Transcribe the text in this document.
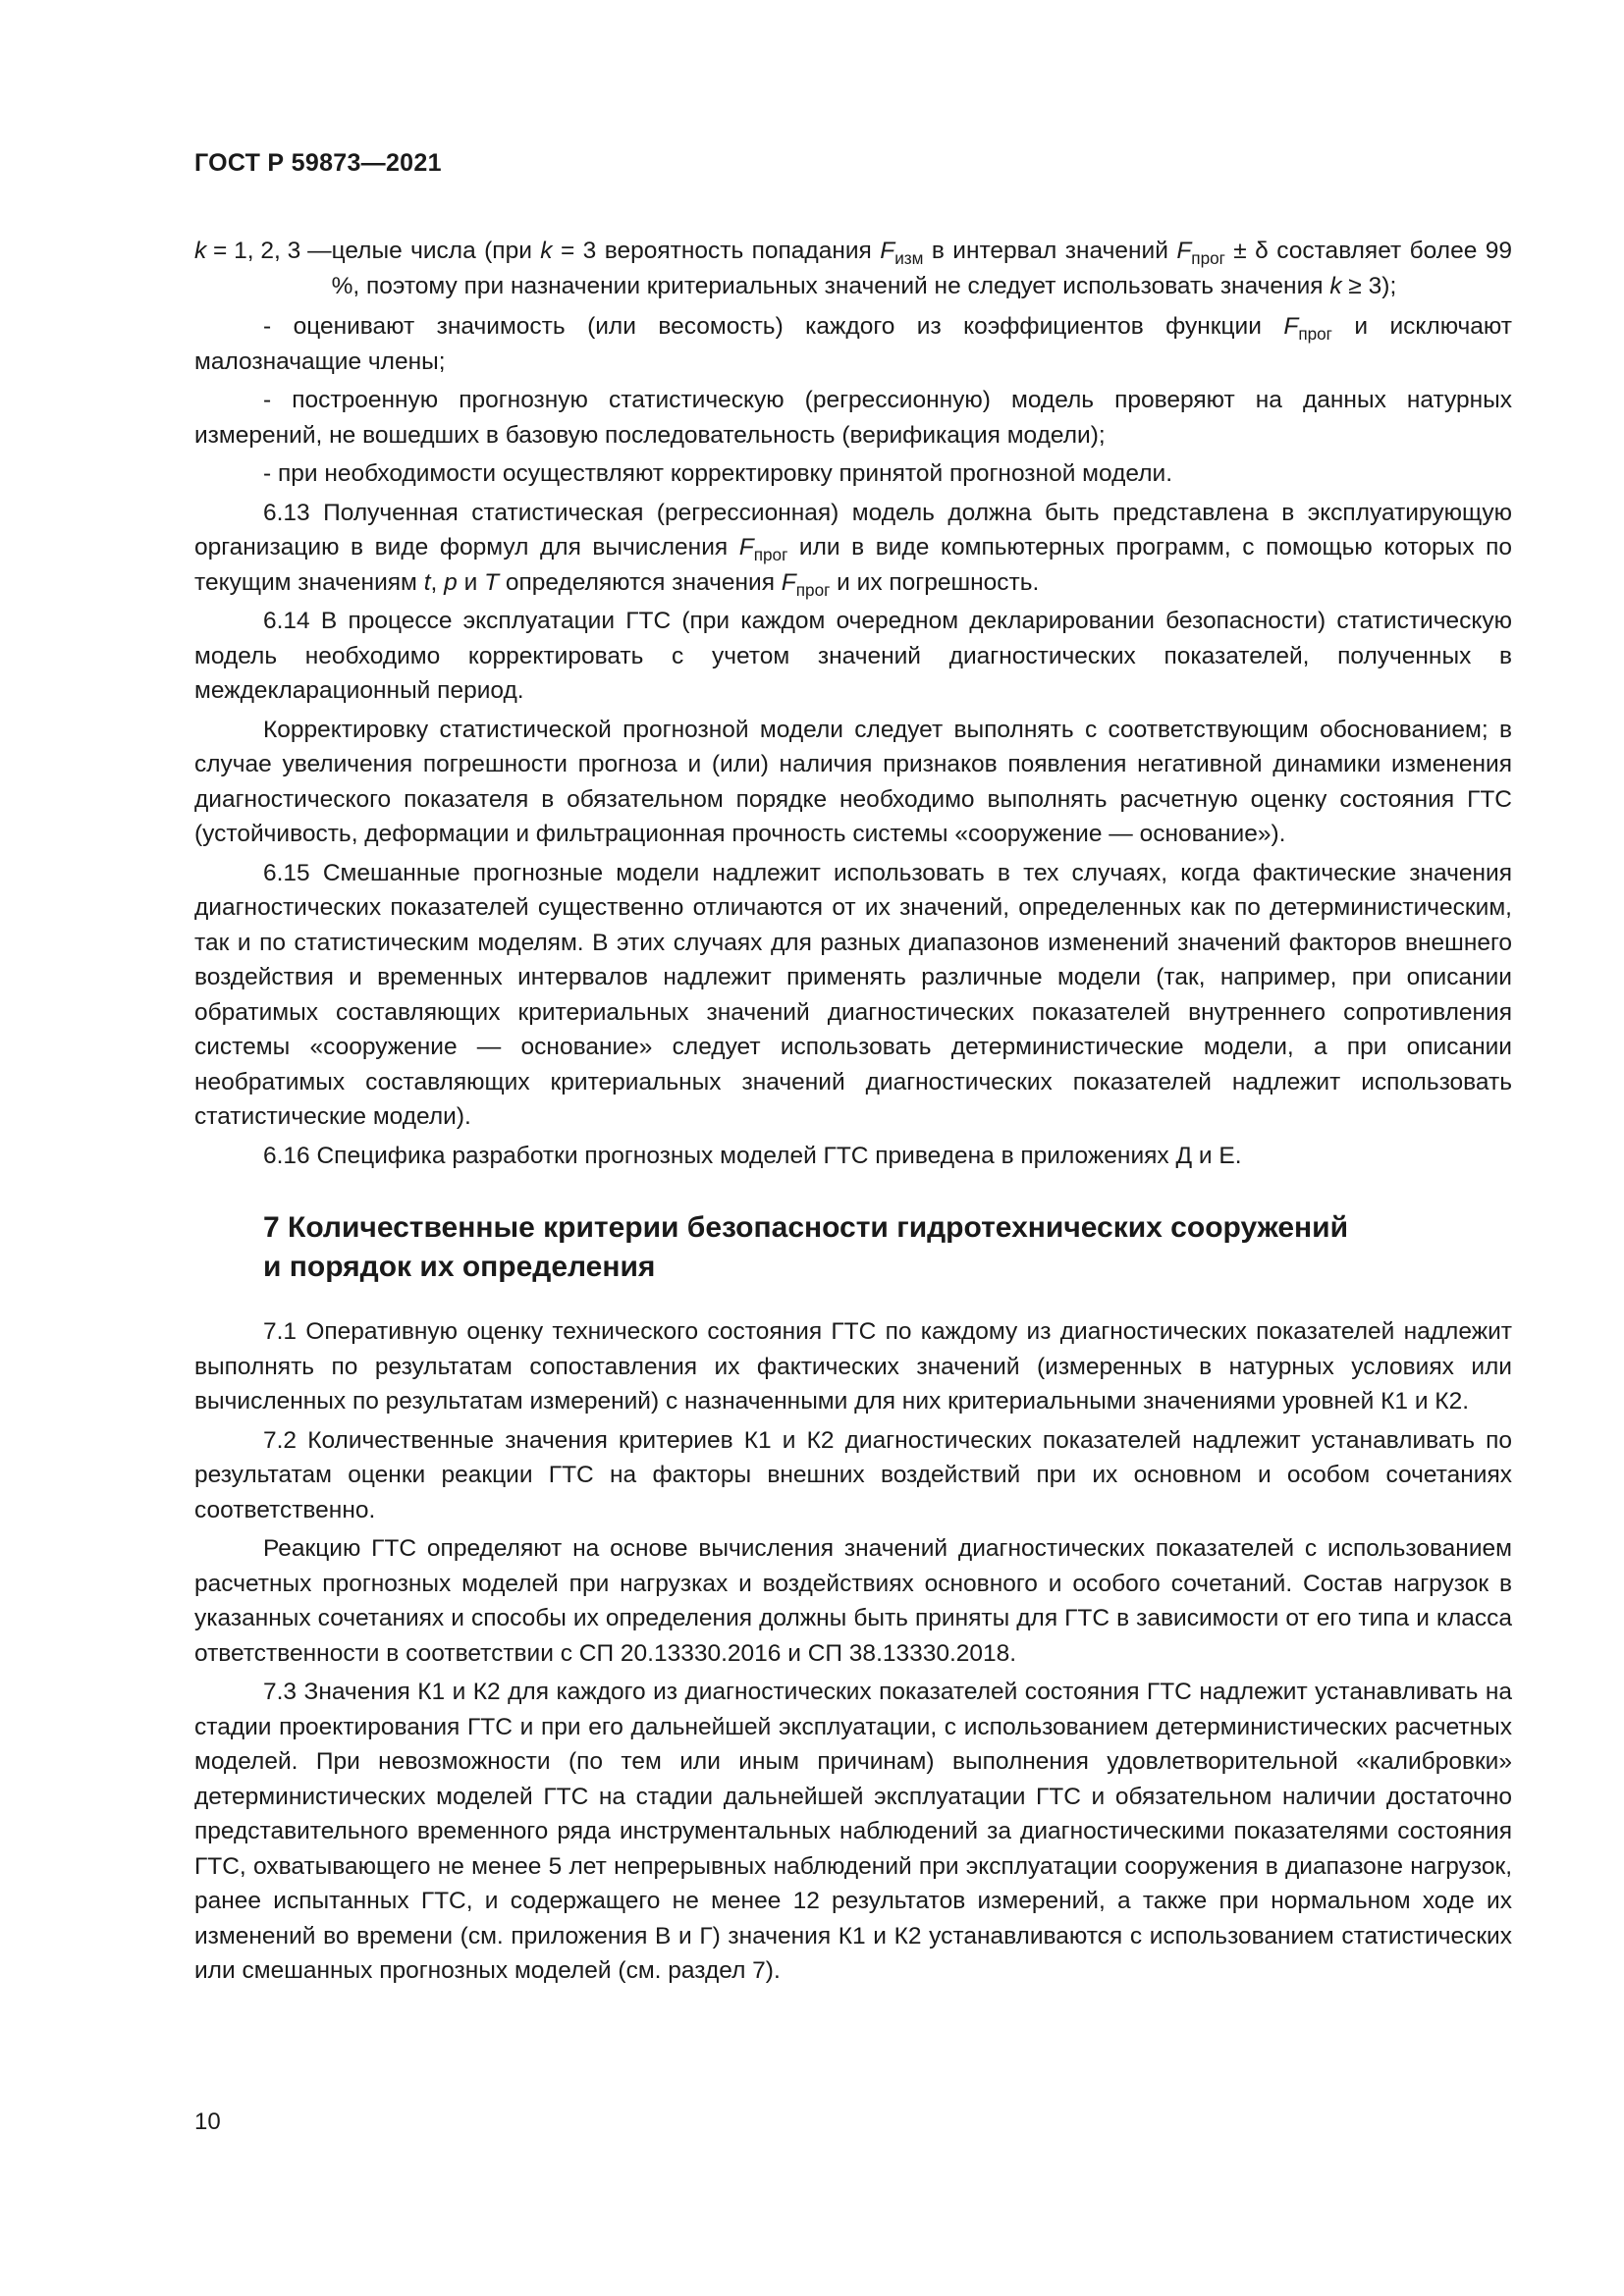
ГОСТ Р 59873—2021
k = 1, 2, 3 — целые числа (при k = 3 вероятность попадания $F_{изм}$ в интервал значений $F_{прог} \pm \delta$ составляет более 99 %, поэтому при назначении критериальных значений не следует использовать значения k ≥ 3);

- оценивают значимость (или весомость) каждого из коэффициентов функции $F_{прог}$ и исключают малозначащие члены;

- построенную прогнозную статистическую (регрессионную) модель проверяют на данных натурных измерений, не вошедших в базовую последовательность (верификация модели);

- при необходимости осуществляют корректировку принятой прогнозной модели.

6.13 Полученная статистическая (регрессионная) модель должна быть представлена в эксплуатирующую организацию в виде формул для вычисления $F_{прог}$ или в виде компьютерных программ, с помощью которых по текущим значениям t, p и T определяются значения $F_{прог}$ и их погрешность.

6.14 В процессе эксплуатации ГТС (при каждом очередном декларировании безопасности) статистическую модель необходимо корректировать с учетом значений диагностических показателей, полученных в междекларационный период.

Корректировку статистической прогнозной модели следует выполнять с соответствующим обоснованием; в случае увеличения погрешности прогноза и (или) наличия признаков появления негативной динамики изменения диагностического показателя в обязательном порядке необходимо выполнять расчетную оценку состояния ГТС (устойчивость, деформации и фильтрационная прочность системы «сооружение — основание»).

6.15 Смешанные прогнозные модели надлежит использовать в тех случаях, когда фактические значения диагностических показателей существенно отличаются от их значений, определенных как по детерминистическим, так и по статистическим моделям. В этих случаях для разных диапазонов изменений значений факторов внешнего воздействия и временных интервалов надлежит применять различные модели (так, например, при описании обратимых составляющих критериальных значений диагностических показателей внутреннего сопротивления системы «сооружение — основание» следует использовать детерминистические модели, а при описании необратимых составляющих критериальных значений диагностических показателей надлежит использовать статистические модели).

6.16 Специфика разработки прогнозных моделей ГТС приведена в приложениях Д и Е.

7 Количественные критерии безопасности гидротехнических сооружений
и порядок их определения

7.1 Оперативную оценку технического состояния ГТС по каждому из диагностических показателей надлежит выполнять по результатам сопоставления их фактических значений (измеренных в натурных условиях или вычисленных по результатам измерений) с назначенными для них критериальными значениями уровней К1 и К2.

7.2 Количественные значения критериев К1 и К2 диагностических показателей надлежит устанавливать по результатам оценки реакции ГТС на факторы внешних воздействий при их основном и особом сочетаниях соответственно.

Реакцию ГТС определяют на основе вычисления значений диагностических показателей с использованием расчетных прогнозных моделей при нагрузках и воздействиях основного и особого сочетаний. Состав нагрузок в указанных сочетаниях и способы их определения должны быть приняты для ГТС в зависимости от его типа и класса ответственности в соответствии с СП 20.13330.2016 и СП 38.13330.2018.

7.3 Значения К1 и К2 для каждого из диагностических показателей состояния ГТС надлежит устанавливать на стадии проектирования ГТС и при его дальнейшей эксплуатации, с использованием детерминистических расчетных моделей. При невозможности (по тем или иным причинам) выполнения удовлетворительной «калибровки» детерминистических моделей ГТС на стадии дальнейшей эксплуатации ГТС и обязательном наличии достаточно представительного временного ряда инструментальных наблюдений за диагностическими показателями состояния ГТС, охватывающего не менее 5 лет непрерывных наблюдений при эксплуатации сооружения в диапазоне нагрузок, ранее испытанных ГТС, и содержащего не менее 12 результатов измерений, а также при нормальном ходе их изменений во времени (см. приложения В и Г) значения К1 и К2 устанавливаются с использованием статистических или смешанных прогнозных моделей (см. раздел 7).

10
